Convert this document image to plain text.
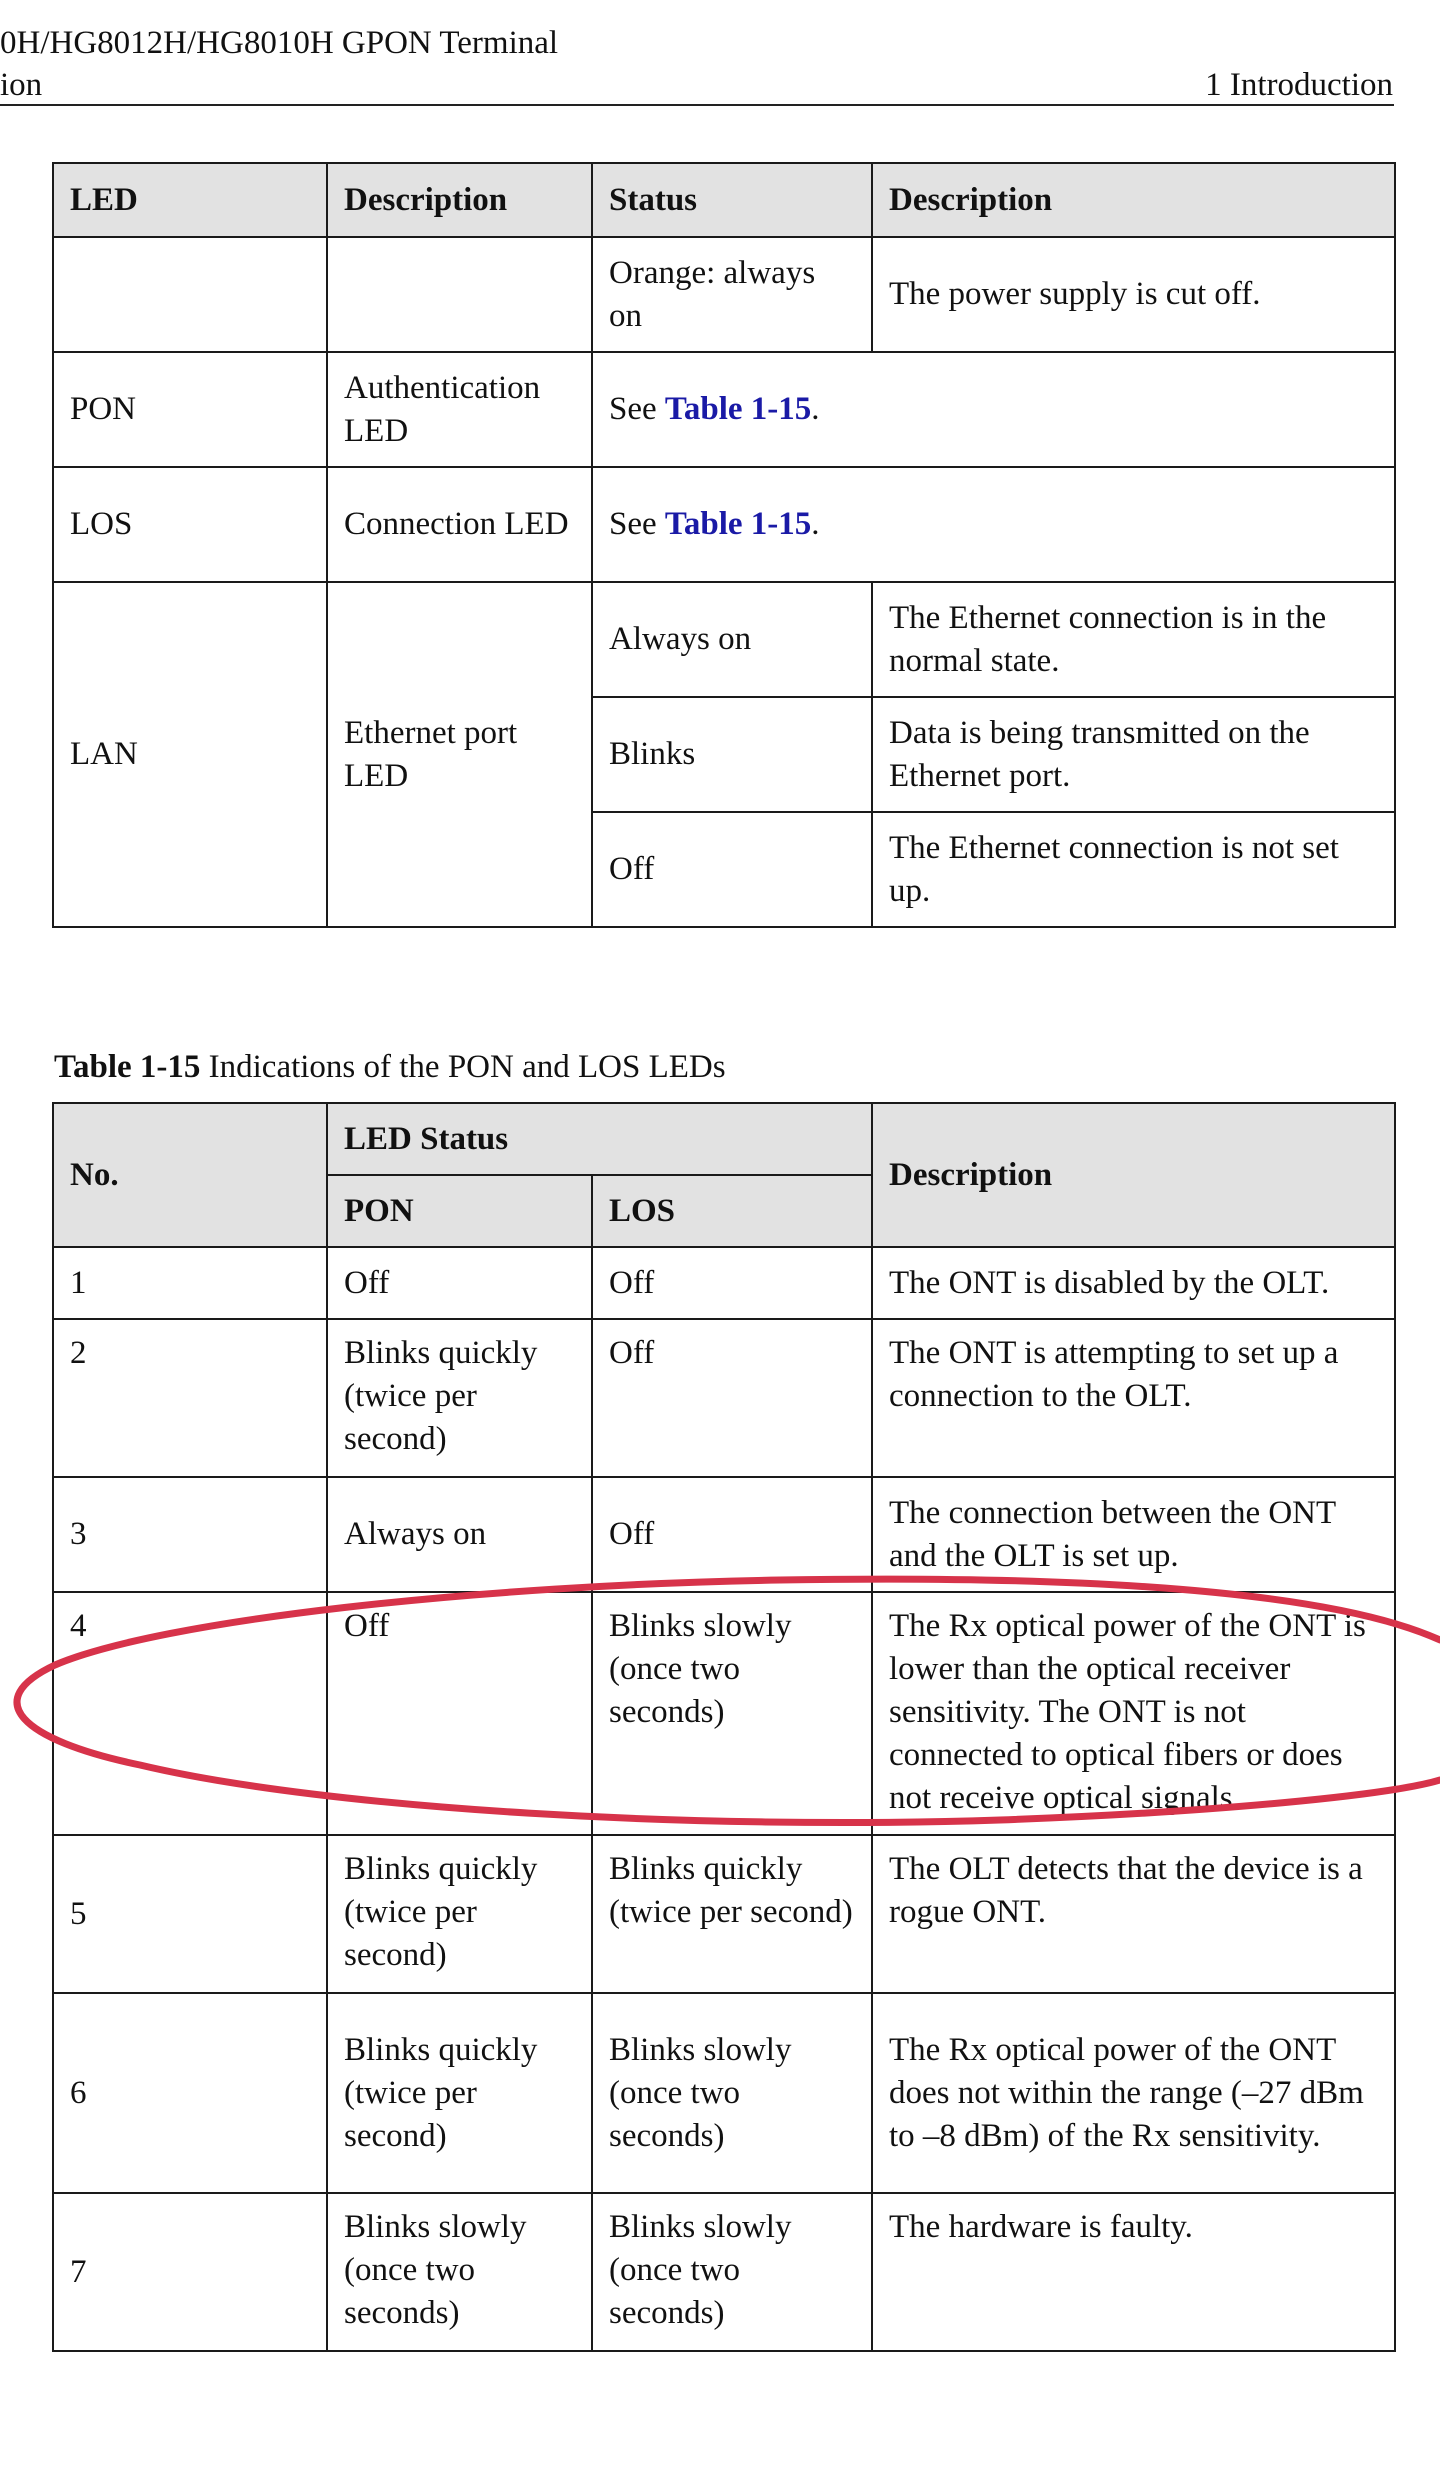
0H/HG8012H/HG8010H GPON Terminal
ion	1 Introduction
LED	Description	Status	Description
		Orange: always on	The power supply is cut off.
PON	Authentication LED	See Table 1-15.	
LOS	Connection LED	See Table 1-15.	
LAN	Ethernet port LED	Always on	The Ethernet connection is in the normal state.
		Blinks	Data is being transmitted on the Ethernet port.
		Off	The Ethernet connection is not set up.
Table 1-15 Indications of the PON and LOS LEDs
No.	LED Status		Description
	PON	LOS	
1	Off	Off	The ONT is disabled by the OLT.
2	Blinks quickly (twice per second)	Off	The ONT is attempting to set up a connection to the OLT.
3	Always on	Off	The connection between the ONT and the OLT is set up.
4	Off	Blinks slowly (once two seconds)	The Rx optical power of the ONT is lower than the optical receiver sensitivity. The ONT is not connected to optical fibers or does not receive optical signals.
5	Blinks quickly (twice per second)	Blinks quickly (twice per second)	The OLT detects that the device is a rogue ONT.
6	Blinks quickly (twice per second)	Blinks slowly (once two seconds)	The Rx optical power of the ONT does not within the range (–27 dBm to –8 dBm) of the Rx sensitivity.
7	Blinks slowly (once two seconds)	Blinks slowly (once two seconds)	The hardware is faulty.
